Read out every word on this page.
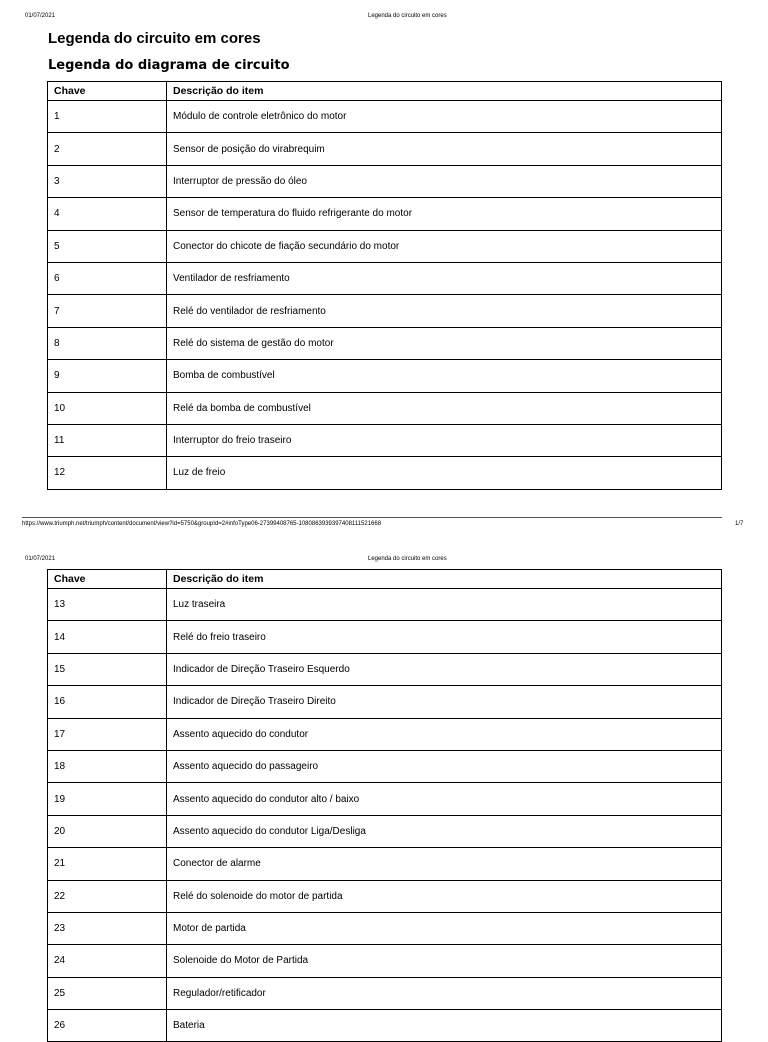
01/07/2021	Legenda do circuito em cores
Legenda do circuito em cores
Legenda do diagrama de circuito
Chave	Descrição do item
1	Módulo de controle eletrônico do motor
2	Sensor de posição do virabrequim
3	Interruptor de pressão do óleo
4	Sensor de temperatura do fluido refrigerante do motor
5	Conector do chicote de fiação secundário do motor
6	Ventilador de resfriamento
7	Relé do ventilador de resfriamento
8	Relé do sistema de gestão do motor
9	Bomba de combustível
10	Relé da bomba de combustível
11	Interruptor do freio traseiro
12	Luz de freio
https://www.triumph.net/triumph/content/document/view?id=5750&groupId=2#infoType06-27399408765-1080863939397408111521668	1/7
01/07/2021	Legenda do circuito em cores
Chave	Descrição do item
13	Luz traseira
14	Relé do freio traseiro
15	Indicador de Direção Traseiro Esquerdo
16	Indicador de Direção Traseiro Direito
17	Assento aquecido do condutor
18	Assento aquecido do passageiro
19	Assento aquecido do condutor alto / baixo
20	Assento aquecido do condutor Liga/Desliga
21	Conector de alarme
22	Relé do solenoide do motor de partida
23	Motor de partida
24	Solenoide do Motor de Partida
25	Regulador/retificador
26	Bateria
